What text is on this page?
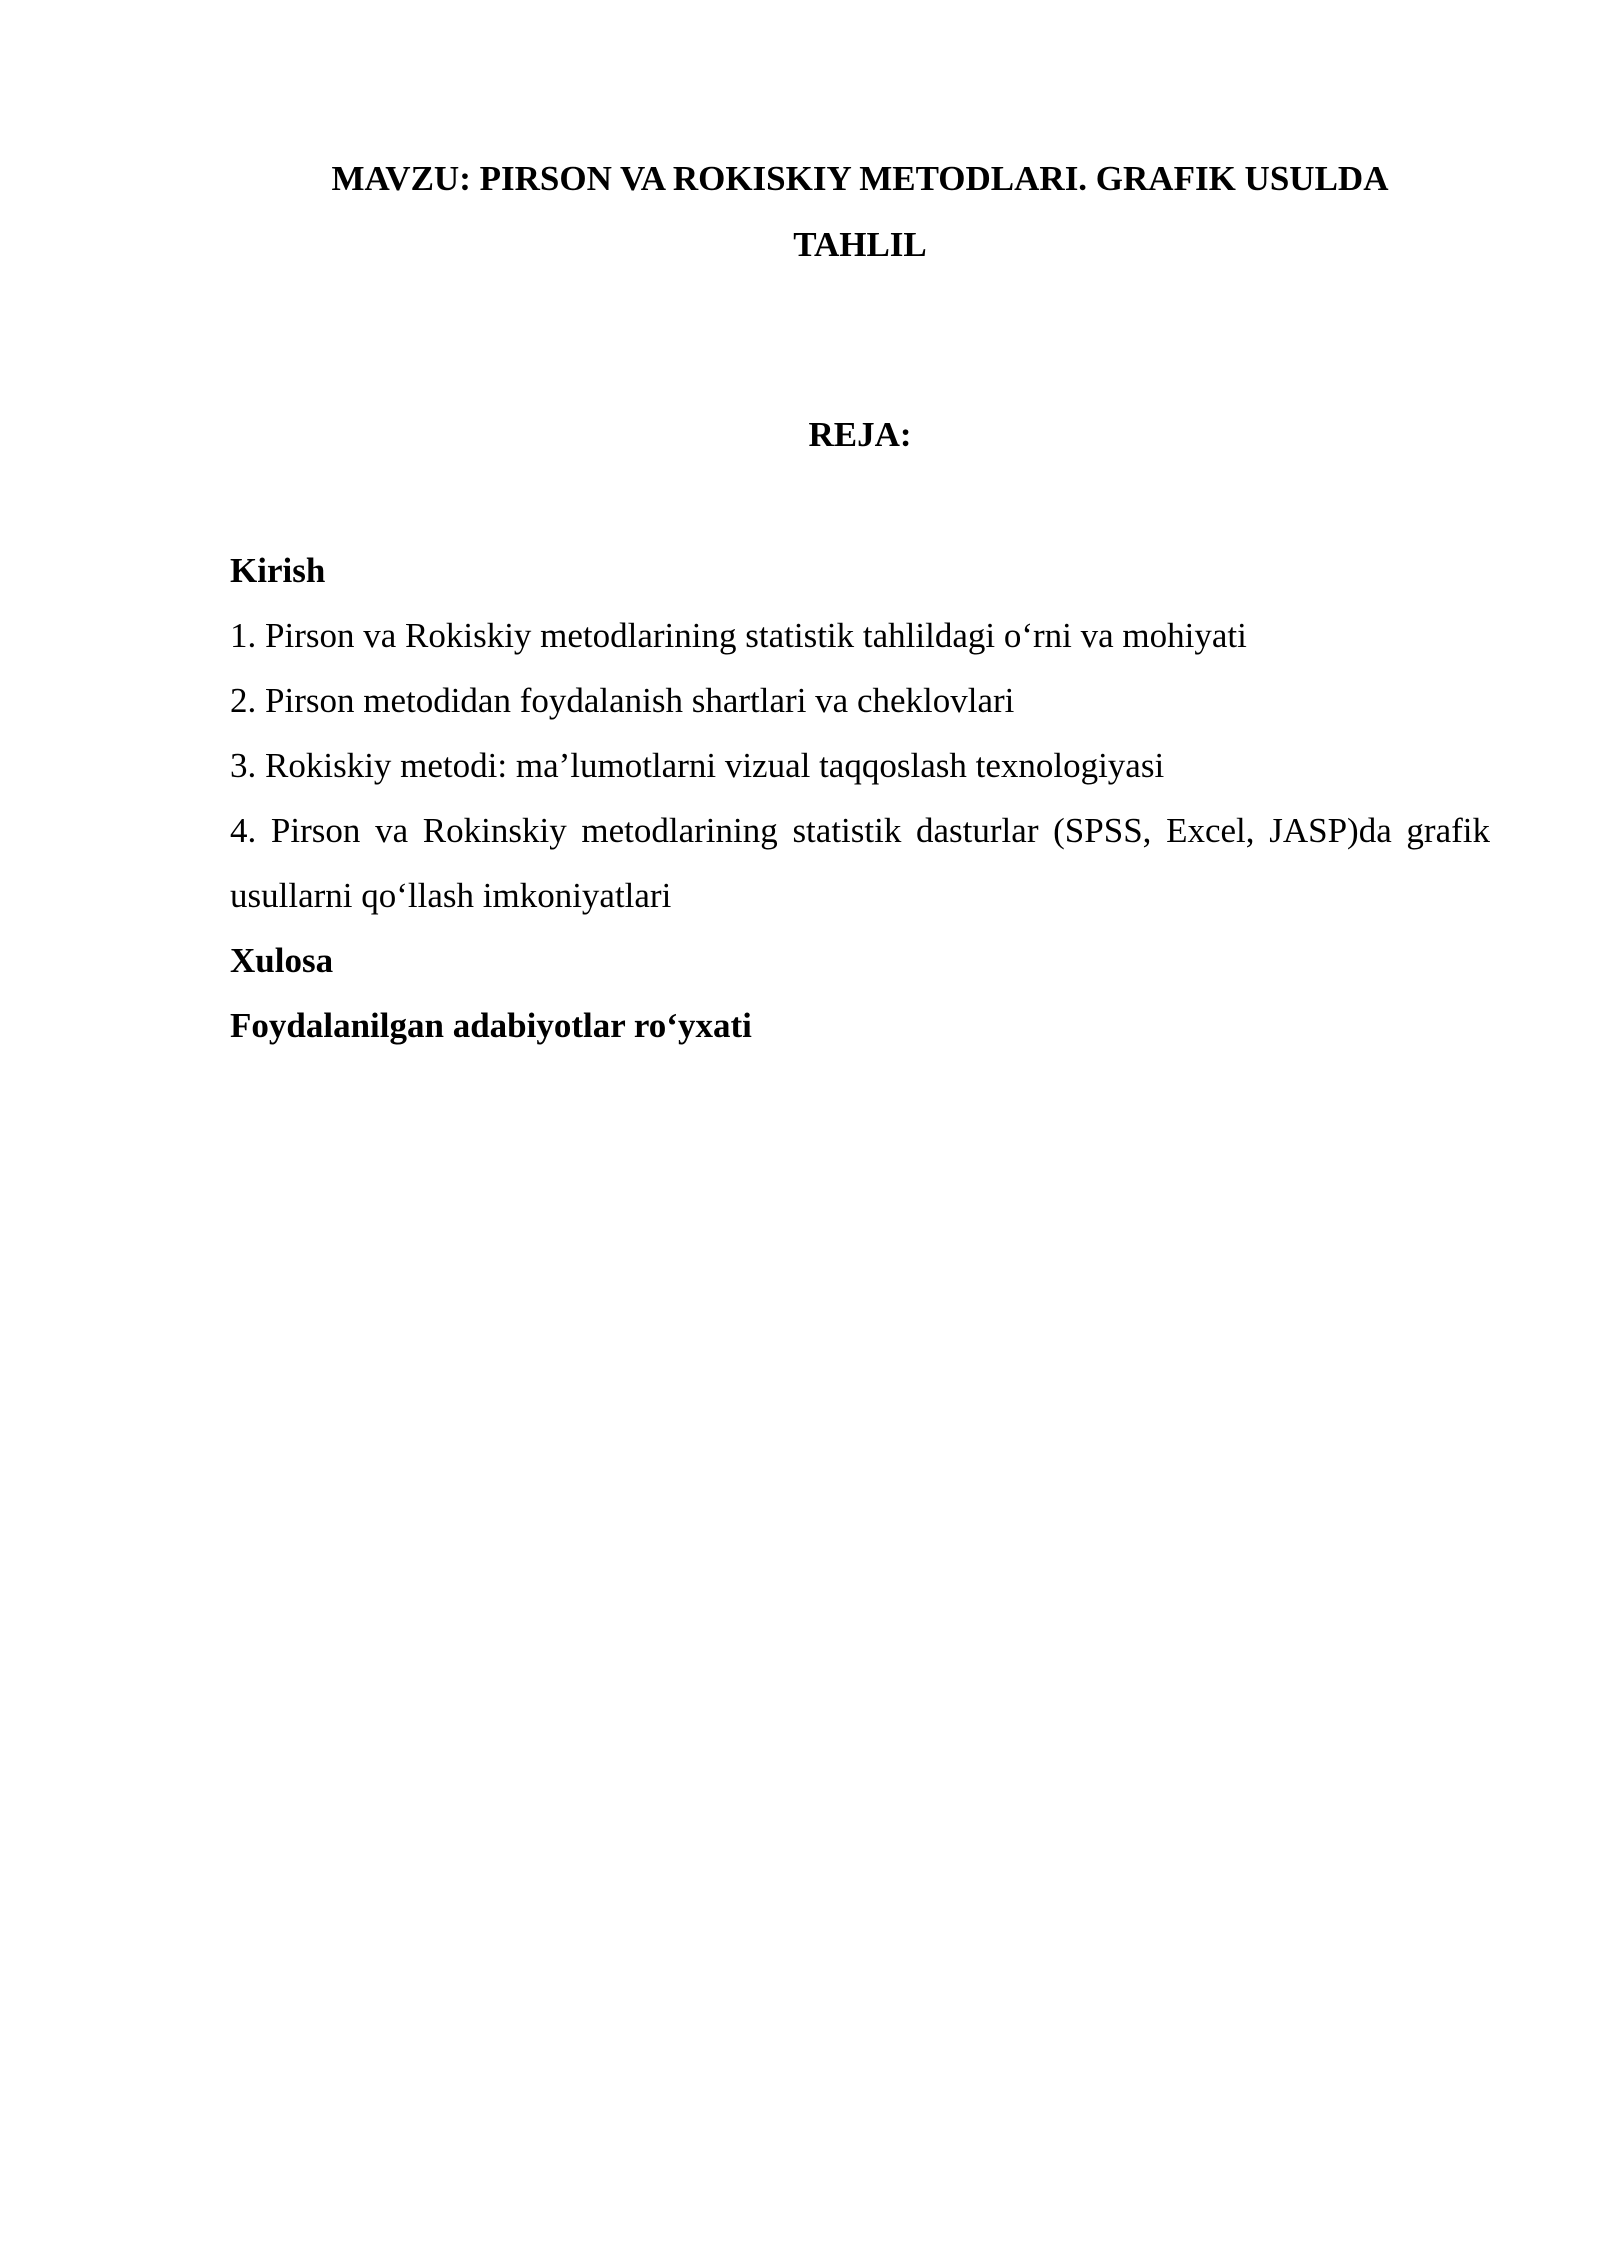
MAVZU: PIRSON VA ROKISKIY METODLARI. GRAFIK USULDA
TAHLIL
REJA:
Kirish
1. Pirson va Rokiskiy metodlarining statistik tahlildagi o‘rni va mohiyati
2. Pirson metodidan foydalanish shartlari va cheklovlari
3. Rokiskiy metodi: ma’lumotlarni vizual taqqoslash texnologiyasi
4. Pirson va Rokinskiy metodlarining statistik dasturlar (SPSS, Excel, JASP)da grafik usullarni qo‘llash imkoniyatlari
Xulosa
Foydalanilgan adabiyotlar ro‘yxati
